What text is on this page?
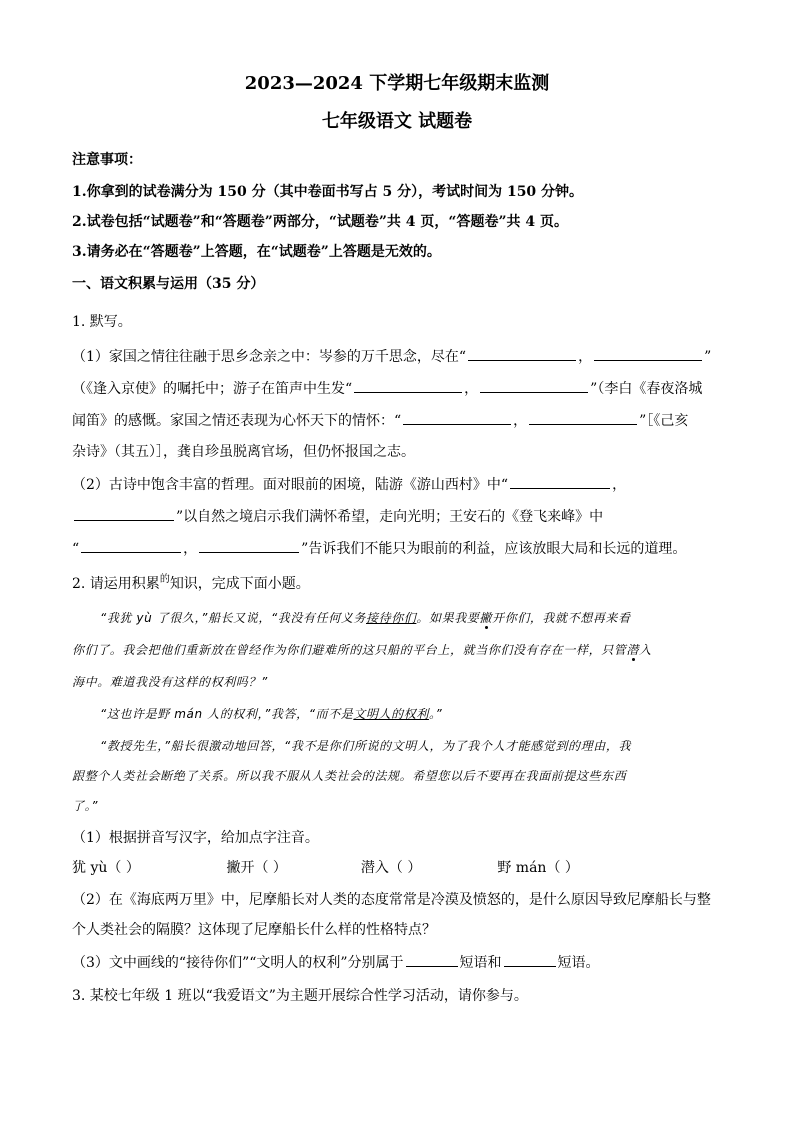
2023—2024 下学期七年级期末监测
七年级语文 试题卷
注意事项：
1.你拿到的试卷满分为 150 分（其中卷面书写占 5 分），考试时间为 150 分钟。
2.试卷包括“试题卷”和“答题卷”两部分，“试题卷”共 4 页，“答题卷”共 4 页。
3.请务必在“答题卷”上答题，在“试题卷”上答题是无效的。
一、语文积累与运用（35 分）
1. 默写。
（1）家国之情往往融于思乡念亲之中：岑参的万千思念，尽在“	，	”
（《逢入京使》的嘱托中；游子在笛声中生发“	，	”（李白《春夜洛城
闻笛》的感慨。家国之情还表现为心怀天下的情怀：“	，	”［《己亥
杂诗》（其五）］，龚自珍虽脱离官场，但仍怀报国之志。
（2）古诗中饱含丰富的哲理。面对眼前的困境，陆游《游山西村》中“	，
”以自然之境启示我们满怀希望，走向光明；王安石的《登飞来峰》中
“	，	”告诉我们不能只为眼前的利益，应该放眼大局和长远的道理。
2. 请运用积累$^的$知识，完成下面小题。
“我犹 yù 了很久，”船长又说，“我没有任何义务接待你们。如果我要撇开你们，我就不想再来看
你们了。我会把他们重新放在曾经作为你们避难所的这只船的平台上，就当你们没有存在一样，只管潜入
海中。难道我没有这样的权利吗？”
“这也许是野 mán 人的权利，”我答，“而不是文明人的权利。”
“教授先生，”船长很激动地回答，“我不是你们所说的文明人，为了我个人才能感觉到的理由，我
跟整个人类社会断绝了关系。所以我不服从人类社会的法规。希望您以后不要再在我面前提这些东西
了。”
（1）根据拼音写汉字，给加点字注音。
犹 yù（ ）	撇开（ ）	潜入（ ）	野 mán（ ）
（2）在《海底两万里》中，尼摩船长对人类的态度常常是冷漠及愤怒的，是什么原因导致尼摩船长与整
个人类社会的隔膜？这体现了尼摩船长什么样的性格特点？
（3）文中画线的“接待你们”“文明人的权利”分别属于	短语和	短语。
3. 某校七年级 1 班以“我爱语文”为主题开展综合性学习活动，请你参与。
